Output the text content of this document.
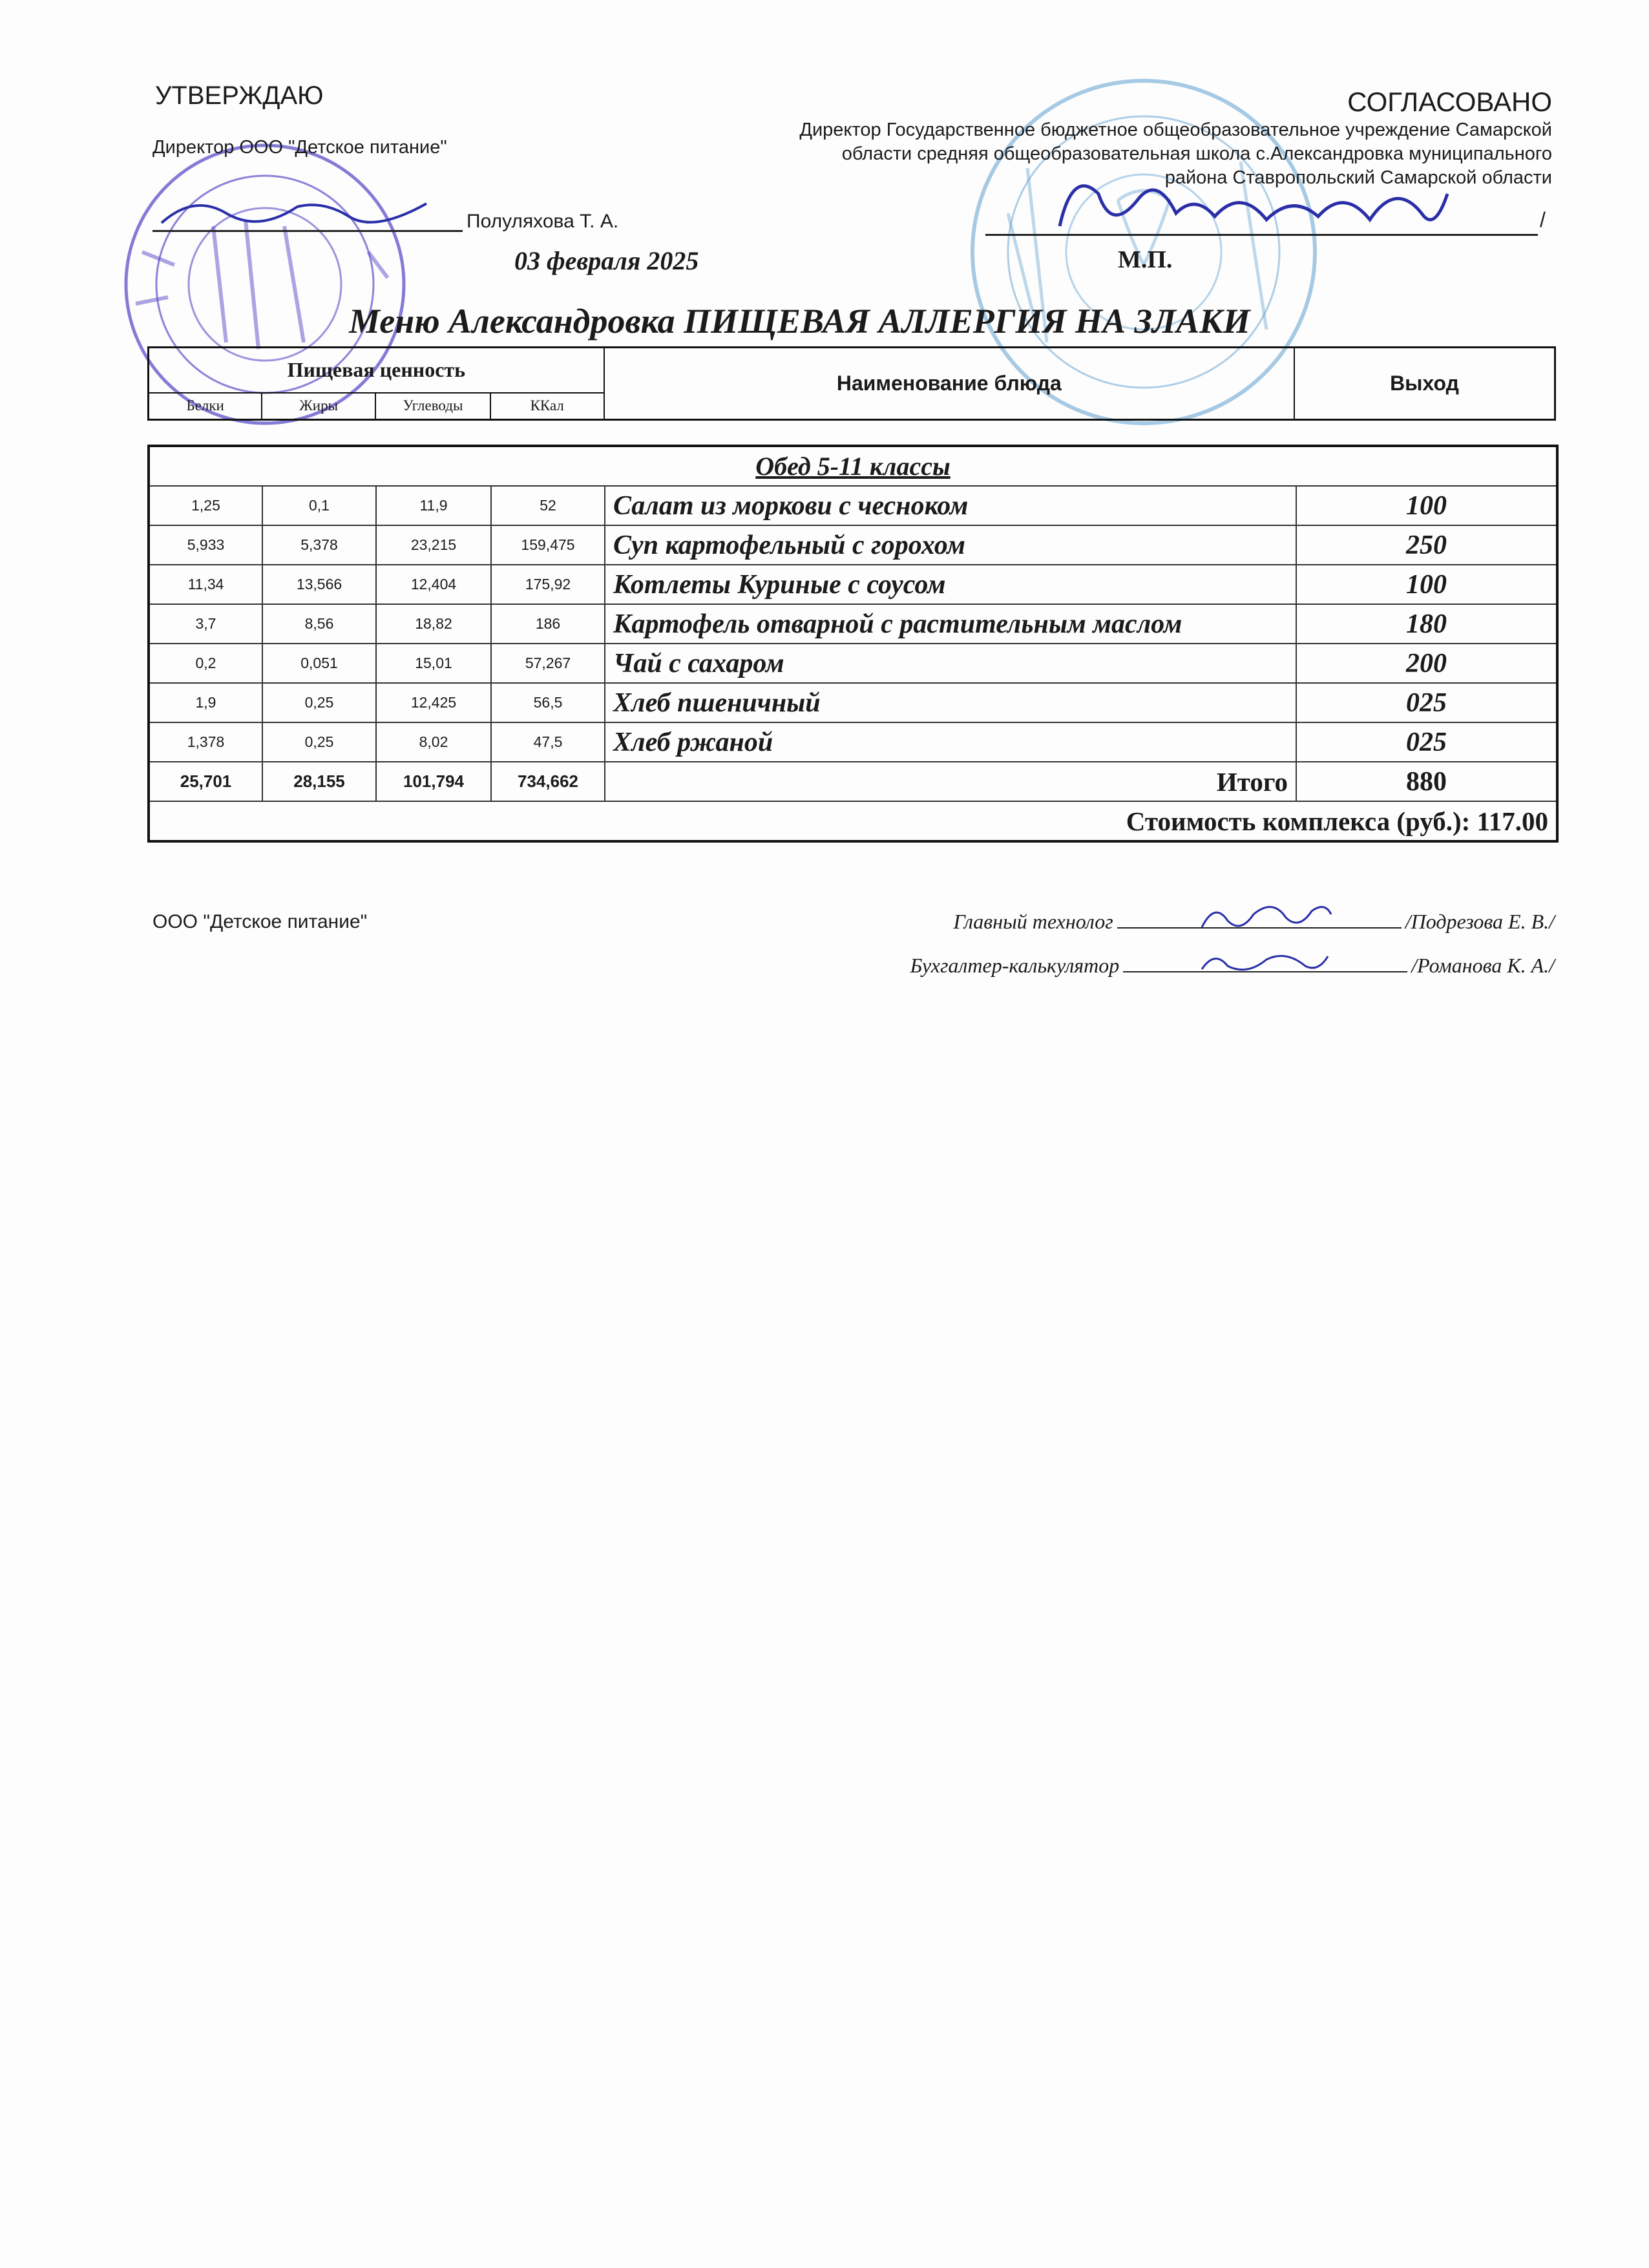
УТВЕРЖДАЮ
Директор ООО "Детское питание"
Полуляхова Т. А.
03 февраля 2025
СОГЛАСОВАНО
Директор Государственное бюджетное общеобразовательное учреждение Самарской
области средняя общеобразовательная школа с.Александровка муниципального
района Ставропольский Самарской области
/
М.П.
Меню Александровка ПИЩЕВАЯ АЛЛЕРГИЯ НА ЗЛАКИ
Пищевая ценность				Наименование блюда	Выход
Белки	Жиры	Углеводы	ККал		
Обед 5-11 классы					
1,25	0,1	11,9	52	Салат из моркови с чесноком	100
5,933	5,378	23,215	159,475	Суп картофельный с горохом	250
11,34	13,566	12,404	175,92	Котлеты Куриные с соусом	100
3,7	8,56	18,82	186	Картофель отварной с растительным маслом	180
0,2	0,051	15,01	57,267	Чай с сахаром	200
1,9	0,25	12,425	56,5	Хлеб пшеничный	025
1,378	0,25	8,02	47,5	Хлеб ржаной	025
25,701	28,155	101,794	734,662	Итого	880
Стоимость комплекса (руб.): 117.00					
ООО "Детское питание"	Главный технолог	/Подрезова Е. В./
Бухгалтер-калькулятор	/Романова К. А./
